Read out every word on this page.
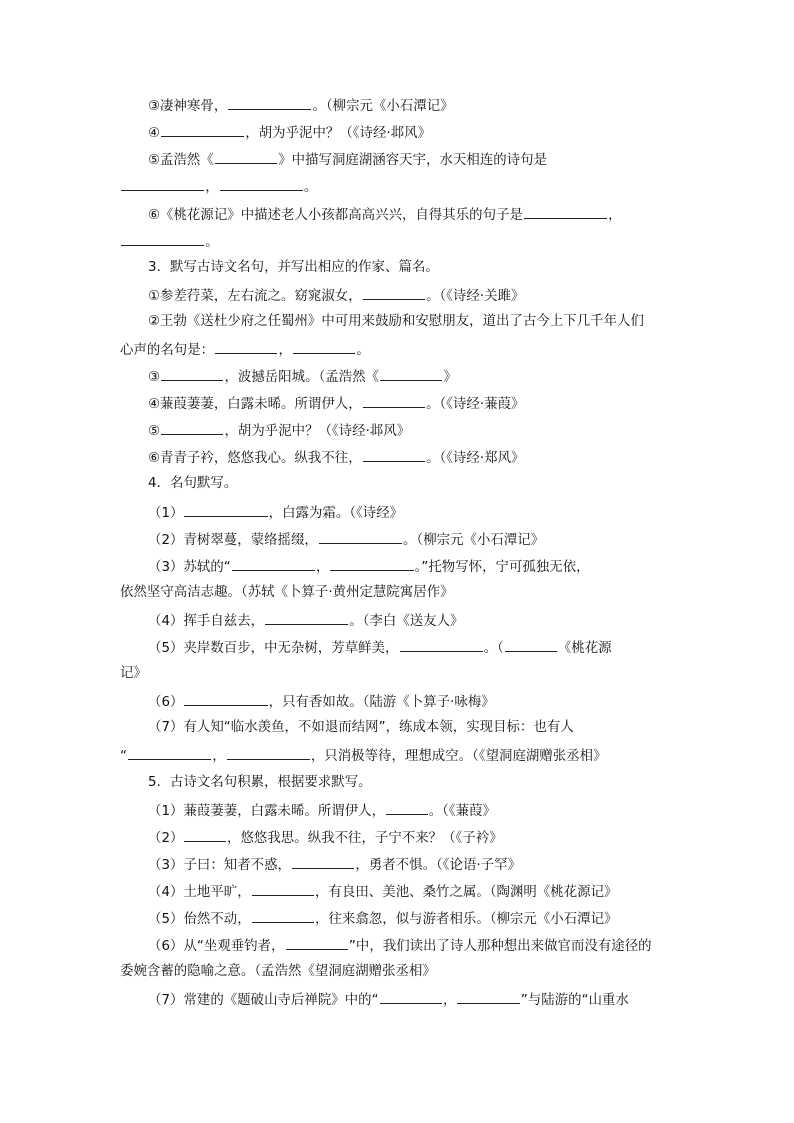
③凄神寒骨，	。（柳宗元《小石潭记》
④	，胡为乎泥中？（《诗经·邶风》
⑤孟浩然《	》中描写洞庭湖涵容天宇，水天相连的诗句是
，	。
⑥《桃花源记》中描述老人小孩都高高兴兴，自得其乐的句子是	，
。
3．默写古诗文名句，并写出相应的作家、篇名。
①参差荇菜，左右流之。窈窕淑女，	。（《诗经·关雎》
②王勃《送杜少府之任蜀州》中可用来鼓励和安慰朋友，道出了古今上下几千年人们
心声的名句是：	，	。
③	，波撼岳阳城。（孟浩然《	》
④蒹葭萋萋，白露未晞。所谓伊人，	。（《诗经·蒹葭》
⑤	，胡为乎泥中？（《诗经·邶风》
⑥青青子衿，悠悠我心。纵我不往，	。（《诗经·郑风》
4．名句默写。
（1）	，白露为霜。（《诗经》
（2）青树翠蔓，蒙络摇缀，	。（柳宗元《小石潭记》
（3）苏轼的“	，	。”托物写怀，宁可孤独无依，
依然坚守高洁志趣。（苏轼《卜算子·黄州定慧院寓居作》
（4）挥手自兹去，	。（李白《送友人》
（5）夹岸数百步，中无杂树，芳草鲜美，	。（	《桃花源
记》
（6）	，只有香如故。（陆游《卜算子·咏梅》
（7）有人知“临水羡鱼，不如退而结网”，练成本领，实现目标：也有人
“	，	，只消极等待，理想成空。（《望洞庭湖赠张丞相》
5．古诗文名句积累，根据要求默写。
（1）蒹葭萋萋，白露未晞。所谓伊人，	。（《蒹葭》
（2）	，悠悠我思。纵我不往，子宁不来？（《子衿》
（3）子曰：知者不惑，	，勇者不惧。（《论语·子罕》
（4）土地平旷，	，有良田、美池、桑竹之属。（陶渊明《桃花源记》
（5）佁然不动，	，往来翕忽，似与游者相乐。（柳宗元《小石潭记》
（6）从“坐观垂钓者，	”中，我们读出了诗人那种想出来做官而没有途径的
委婉含蓄的隐喻之意。（孟浩然《望洞庭湖赠张丞相》
（7）常建的《题破山寺后禅院》中的“	，	”与陆游的“山重水
